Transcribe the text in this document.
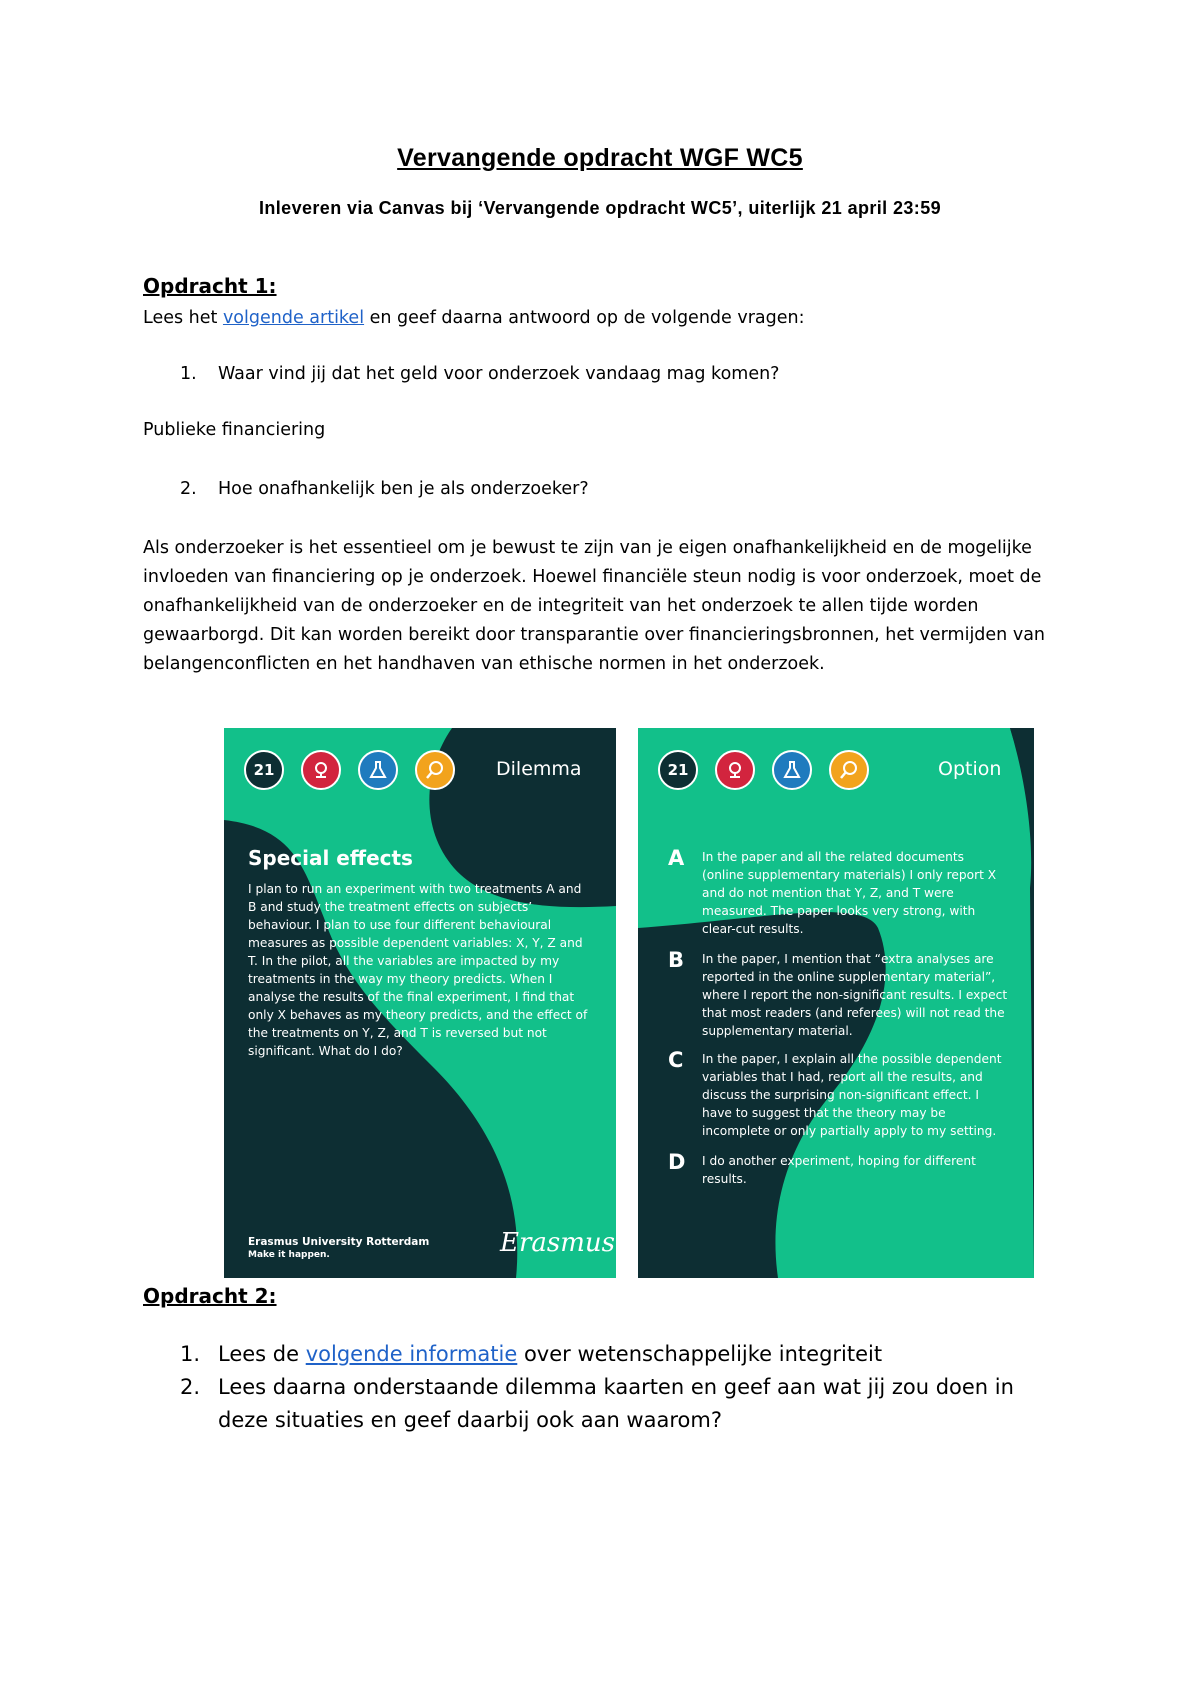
Vervangende opdracht WGF WC5

Inleveren via Canvas bij ‘Vervangende opdracht WC5’, uiterlijk 21 april 23:59

Opdracht 1:

Lees het volgende artikel en geef daarna antwoord op de volgende vragen:

1. Waar vind jij dat het geld voor onderzoek vandaag mag komen?

Publieke financiering

2. Hoe onafhankelijk ben je als onderzoeker?

Als onderzoeker is het essentieel om je bewust te zijn van je eigen onafhankelijkheid en de mogelijke invloeden van financiering op je onderzoek. Hoewel financiële steun nodig is voor onderzoek, moet de onafhankelijkheid van de onderzoeker en de integriteit van het onderzoek te allen tijde worden gewaarborgd. Dit kan worden bereikt door transparantie over financieringsbronnen, het vermijden van belangenconflicten en het handhaven van ethische normen in het onderzoek.

21	Dilemma
Special effects

I plan to run an experiment with two treatments A and B and study the treatment effects on subjects’ behaviour. I plan to use four different behavioural measures as possible dependent variables: X, Y, Z and T. In the pilot, all the variables are impacted by my treatments in the way my theory predicts. When I analyse the results of the final experiment, I find that only X behaves as my theory predicts, and the effect of the treatments on Y, Z, and T is reversed but not significant. What do I do?

Erasmus University Rotterdam
Make it happen.	Erasmus
21	Option
A In the paper and all the related documents (online supplementary materials) I only report X and do not mention that Y, Z, and T were measured. The paper looks very strong, with clear-cut results.
B In the paper, I mention that “extra analyses are reported in the online supplementary material”, where I report the non-significant results. I expect that most readers (and referees) will not read the supplementary material.
C In the paper, I explain all the possible dependent variables that I had, report all the results, and discuss the surprising non-significant effect. I have to suggest that the theory may be incomplete or only partially apply to my setting.
D I do another experiment, hoping for different results.

Opdracht 2:

1. Lees de volgende informatie over wetenschappelijke integriteit
2. Lees daarna onderstaande dilemma kaarten en geef aan wat jij zou doen in deze situaties en geef daarbij ook aan waarom?
